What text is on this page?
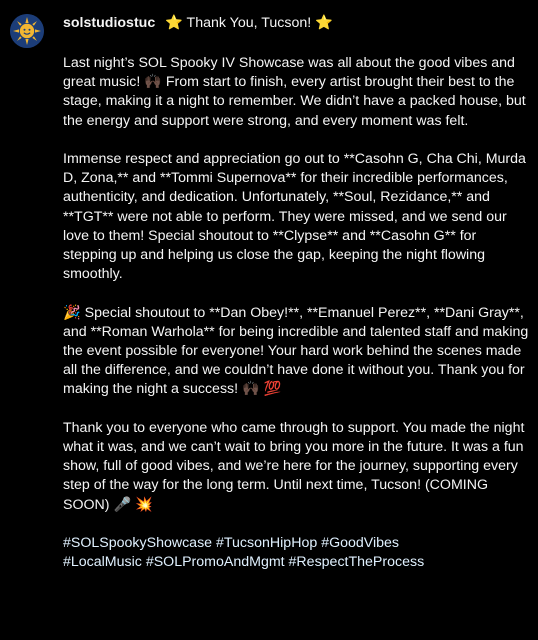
solstudiostuc ⭐ Thank You, Tucson! ⭐

Last night’s SOL Spooky IV Showcase was all about the good vibes and great music! 🙌🏿 From start to finish, every artist brought their best to the stage, making it a night to remember. We didn’t have a packed house, but the energy and support were strong, and every moment was felt.

Immense respect and appreciation go out to **Casohn G, Cha Chi, Murda D, Zona,** and **Tommi Supernova** for their incredible performances, authenticity, and dedication. Unfortunately, **Soul, Rezidance,** and **TGT** were not able to perform. They were missed, and we send our love to them! Special shoutout to **Clypse** and **Casohn G** for stepping up and helping us close the gap, keeping the night flowing smoothly.

🎉 Special shoutout to **Dan Obey!**, **Emanuel Perez**, **Dani Gray**, and **Roman Warhola** for being incredible and talented staff and making the event possible for everyone! Your hard work behind the scenes made all the difference, and we couldn’t have done it without you. Thank you for making the night a success! 🙌🏿 💯

Thank you to everyone who came through to support. You made the night what it was, and we can’t wait to bring you more in the future. It was a fun show, full of good vibes, and we’re here for the journey, supporting every step of the way for the long term. Until next time, Tucson! (COMING SOON) 🎤 💥

#SOLSpookyShowcase #TucsonHipHop #GoodVibes
#LocalMusic #SOLPromoAndMgmt #RespectTheProcess
